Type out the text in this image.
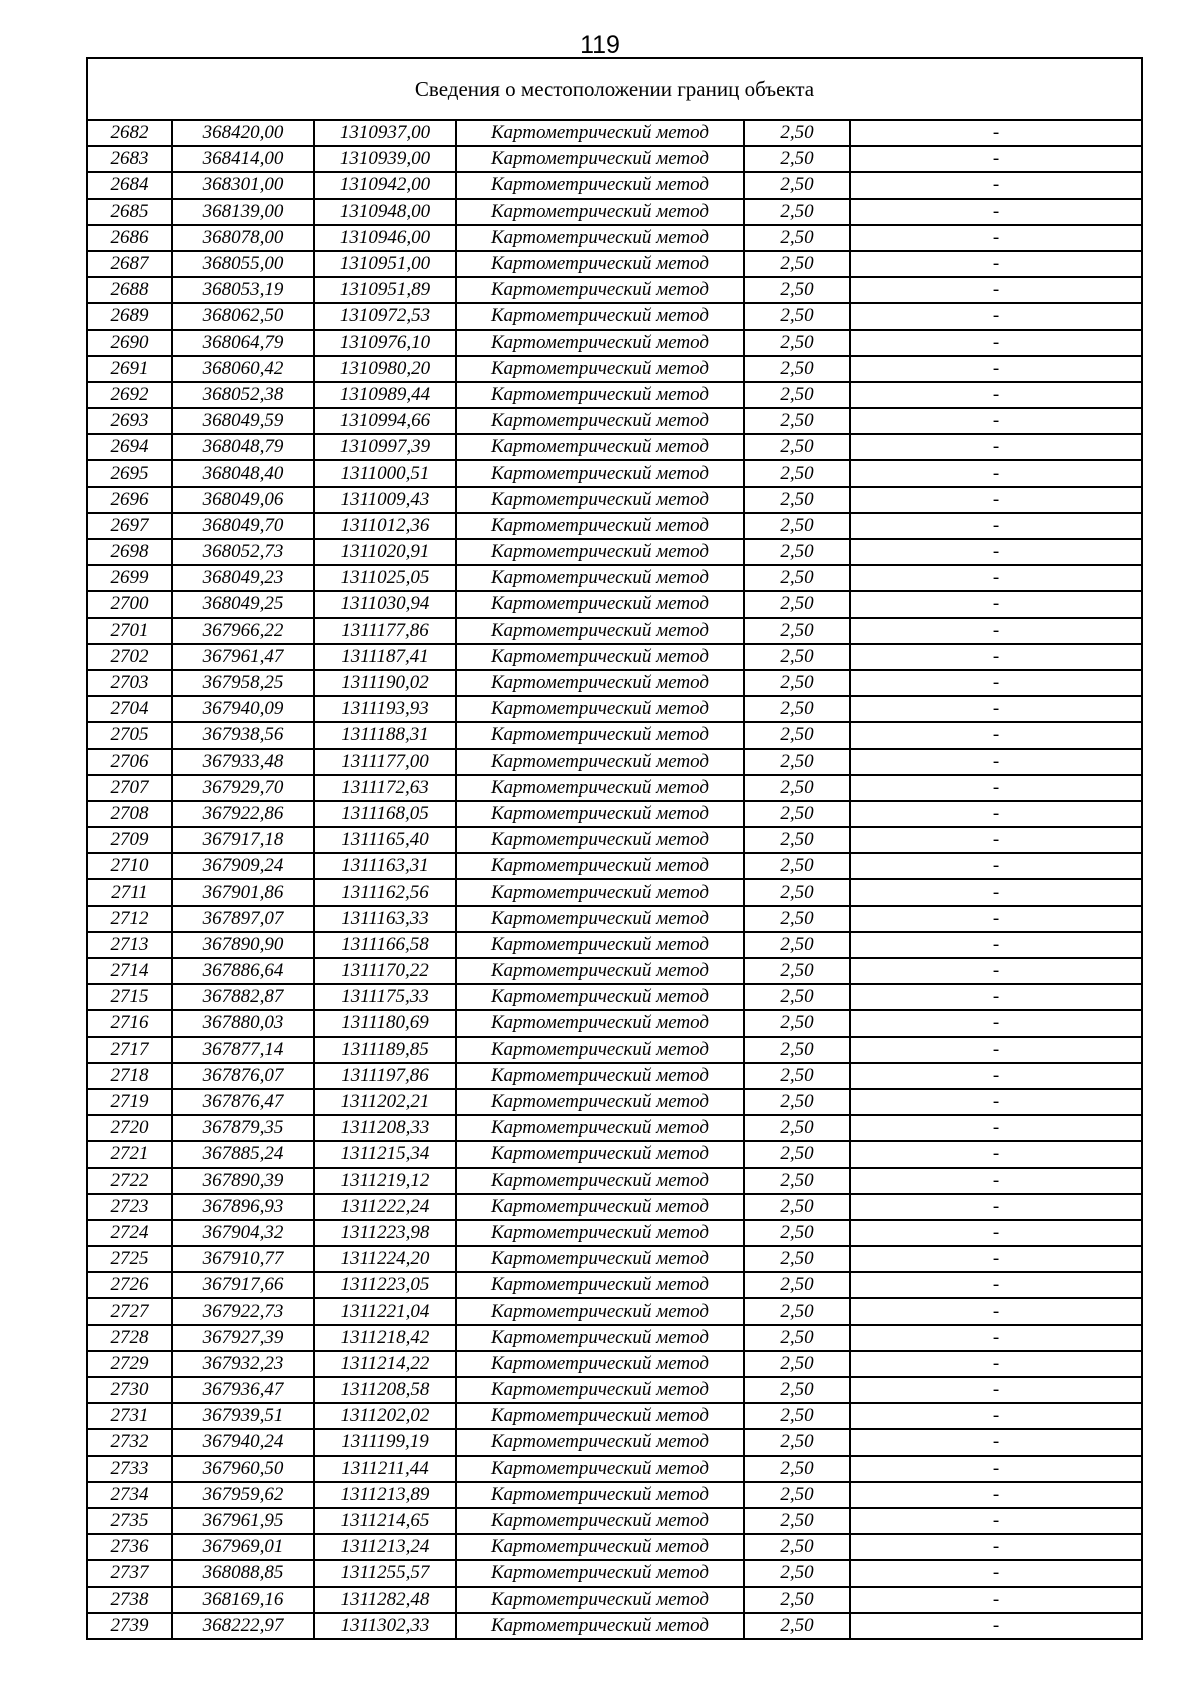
119
Сведения о местоположении границ объекта					
2682	368420,00	1310937,00	Картометрический метод	2,50	-
2683	368414,00	1310939,00	Картометрический метод	2,50	-
2684	368301,00	1310942,00	Картометрический метод	2,50	-
2685	368139,00	1310948,00	Картометрический метод	2,50	-
2686	368078,00	1310946,00	Картометрический метод	2,50	-
2687	368055,00	1310951,00	Картометрический метод	2,50	-
2688	368053,19	1310951,89	Картометрический метод	2,50	-
2689	368062,50	1310972,53	Картометрический метод	2,50	-
2690	368064,79	1310976,10	Картометрический метод	2,50	-
2691	368060,42	1310980,20	Картометрический метод	2,50	-
2692	368052,38	1310989,44	Картометрический метод	2,50	-
2693	368049,59	1310994,66	Картометрический метод	2,50	-
2694	368048,79	1310997,39	Картометрический метод	2,50	-
2695	368048,40	1311000,51	Картометрический метод	2,50	-
2696	368049,06	1311009,43	Картометрический метод	2,50	-
2697	368049,70	1311012,36	Картометрический метод	2,50	-
2698	368052,73	1311020,91	Картометрический метод	2,50	-
2699	368049,23	1311025,05	Картометрический метод	2,50	-
2700	368049,25	1311030,94	Картометрический метод	2,50	-
2701	367966,22	1311177,86	Картометрический метод	2,50	-
2702	367961,47	1311187,41	Картометрический метод	2,50	-
2703	367958,25	1311190,02	Картометрический метод	2,50	-
2704	367940,09	1311193,93	Картометрический метод	2,50	-
2705	367938,56	1311188,31	Картометрический метод	2,50	-
2706	367933,48	1311177,00	Картометрический метод	2,50	-
2707	367929,70	1311172,63	Картометрический метод	2,50	-
2708	367922,86	1311168,05	Картометрический метод	2,50	-
2709	367917,18	1311165,40	Картометрический метод	2,50	-
2710	367909,24	1311163,31	Картометрический метод	2,50	-
2711	367901,86	1311162,56	Картометрический метод	2,50	-
2712	367897,07	1311163,33	Картометрический метод	2,50	-
2713	367890,90	1311166,58	Картометрический метод	2,50	-
2714	367886,64	1311170,22	Картометрический метод	2,50	-
2715	367882,87	1311175,33	Картометрический метод	2,50	-
2716	367880,03	1311180,69	Картометрический метод	2,50	-
2717	367877,14	1311189,85	Картометрический метод	2,50	-
2718	367876,07	1311197,86	Картометрический метод	2,50	-
2719	367876,47	1311202,21	Картометрический метод	2,50	-
2720	367879,35	1311208,33	Картометрический метод	2,50	-
2721	367885,24	1311215,34	Картометрический метод	2,50	-
2722	367890,39	1311219,12	Картометрический метод	2,50	-
2723	367896,93	1311222,24	Картометрический метод	2,50	-
2724	367904,32	1311223,98	Картометрический метод	2,50	-
2725	367910,77	1311224,20	Картометрический метод	2,50	-
2726	367917,66	1311223,05	Картометрический метод	2,50	-
2727	367922,73	1311221,04	Картометрический метод	2,50	-
2728	367927,39	1311218,42	Картометрический метод	2,50	-
2729	367932,23	1311214,22	Картометрический метод	2,50	-
2730	367936,47	1311208,58	Картометрический метод	2,50	-
2731	367939,51	1311202,02	Картометрический метод	2,50	-
2732	367940,24	1311199,19	Картометрический метод	2,50	-
2733	367960,50	1311211,44	Картометрический метод	2,50	-
2734	367959,62	1311213,89	Картометрический метод	2,50	-
2735	367961,95	1311214,65	Картометрический метод	2,50	-
2736	367969,01	1311213,24	Картометрический метод	2,50	-
2737	368088,85	1311255,57	Картометрический метод	2,50	-
2738	368169,16	1311282,48	Картометрический метод	2,50	-
2739	368222,97	1311302,33	Картометрический метод	2,50	-
